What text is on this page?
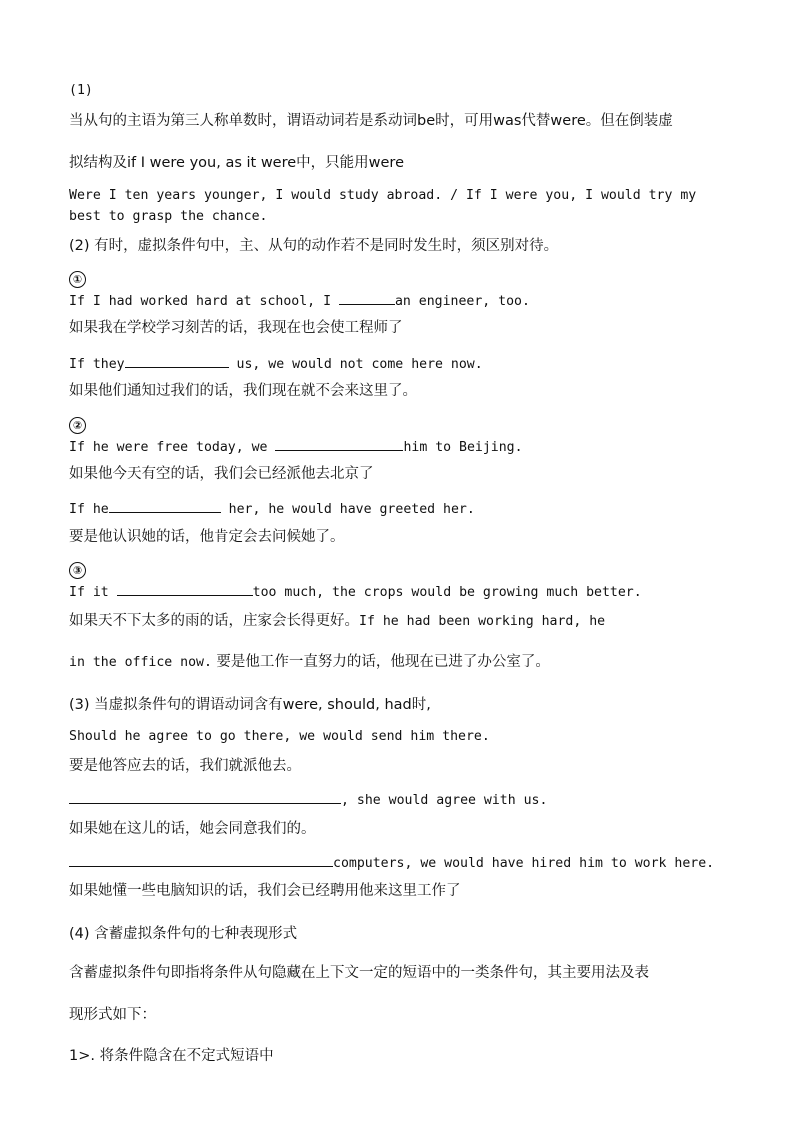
(1)
当从句的主语为第三人称单数时，谓语动词若是系动词be时，可用was代替were。但在倒装虚
拟结构及if I were you, as it were中，只能用were
Were I ten years younger, I would study abroad. / If I were you, I would try my
best to grasp the chance.
(2) 有时，虚拟条件句中，主、从句的动作若不是同时发生时，须区别对待。
①
If I had worked hard at school, I	an engineer, too.
如果我在学校学习刻苦的话，我现在也会使工程师了
If they	us, we would not come here now.
如果他们通知过我们的话，我们现在就不会来这里了。
②
If he were free today, we	him to Beijing.
如果他今天有空的话，我们会已经派他去北京了
If he	her, he would have greeted her.
要是他认识她的话，他肯定会去问候她了。
③
If it	too much, the crops would be growing much better.
如果天不下太多的雨的话，庄家会长得更好。If he had been working hard, he
in the office now. 要是他工作一直努力的话，他现在已进了办公室了。
(3) 当虚拟条件句的谓语动词含有were, should, had时,
Should he agree to go there, we would send him there.
要是他答应去的话，我们就派他去。
, she would agree with us.
如果她在这儿的话，她会同意我们的。
computers, we would have hired him to work here.
如果她懂一些电脑知识的话，我们会已经聘用他来这里工作了
(4) 含蓄虚拟条件句的七种表现形式
含蓄虚拟条件句即指将条件从句隐藏在上下文一定的短语中的一类条件句，其主要用法及表
现形式如下：
1>. 将条件隐含在不定式短语中
